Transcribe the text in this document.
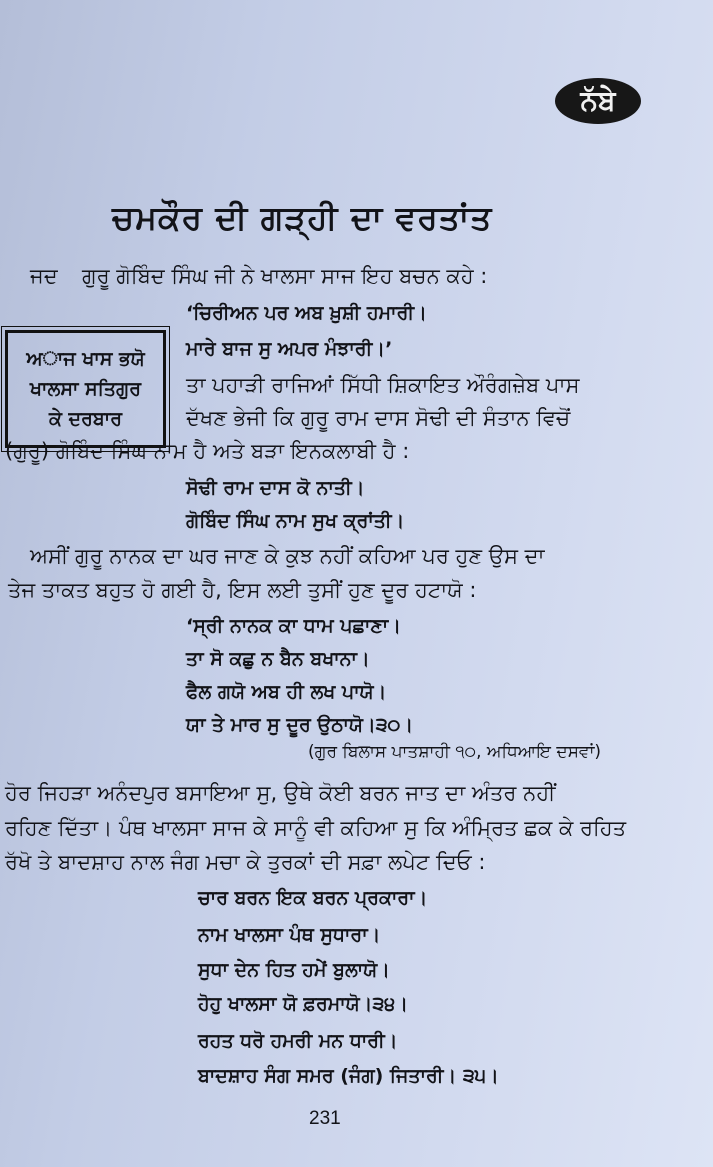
ਨੱਬੇ
ਚਮਕੌਰ ਦੀ ਗੜ੍ਹੀ ਦਾ ਵਰਤਾਂਤ
ਜਦ ਗੁਰੂ ਗੋਬਿੰਦ ਸਿੰਘ ਜੀ ਨੇ ਖਾਲਸਾ ਸਾਜ ਇਹ ਬਚਨ ਕਹੇ :
ਅਾਜ ਖਾਸ ਭਯੋ
ਖਾਲਸਾ ਸਤਿਗੁਰ
ਕੇ ਦਰਬਾਰ
‘ਚਿਰੀਅਨ ਪਰ ਅਬ ਖ਼ੁਸ਼ੀ ਹਮਾਰੀ।
ਮਾਰੇ ਬਾਜ ਸੁ ਅਪਰ ਮੰਝਾਰੀ।’
ਤਾ ਪਹਾੜੀ ਰਾਜਿਆਂ ਸਿੱਧੀ ਸ਼ਿਕਾਇਤ ਔਰੰਗਜ਼ੇਬ ਪਾਸ
ਦੱਖਣ ਭੇਜੀ ਕਿ ਗੁਰੂ ਰਾਮ ਦਾਸ ਸੋਢੀ ਦੀ ਸੰਤਾਨ ਵਿਚੋਂ
(ਗੁਰੂ) ਗੋਬਿੰਦ ਸਿੰਘ ਨਾਮ ਹੈ ਅਤੇ ਬੜਾ ਇਨਕਲਾਬੀ ਹੈ :
ਸੋਢੀ ਰਾਮ ਦਾਸ ਕੋ ਨਾਤੀ।
ਗੋਬਿੰਦ ਸਿੰਘ ਨਾਮ ਸੁਖ ਕ੍ਰਾਂਤੀ।
ਅਸੀਂ ਗੁਰੂ ਨਾਨਕ ਦਾ ਘਰ ਜਾਣ ਕੇ ਕੁਝ ਨਹੀਂ ਕਹਿਆ ਪਰ ਹੁਣ ਉਸ ਦਾ
ਤੇਜ ਤਾਕਤ ਬਹੁਤ ਹੋ ਗਈ ਹੈ, ਇਸ ਲਈ ਤੁਸੀਂ ਹੁਣ ਦੂਰ ਹਟਾਯੋ :
‘ਸ੍ਰੀ ਨਾਨਕ ਕਾ ਧਾਮ ਪਛਾਣਾ।
ਤਾ ਸੋ ਕਛੁ ਨ ਬੈਨ ਬਖਾਨਾ।
ਫੈਲ ਗਯੋ ਅਬ ਹੀ ਲਖ ਪਾਯੋ।
ਯਾ ਤੇ ਮਾਰ ਸੁ ਦੂਰ ਉਠਾਯੋ।੩੦।
(ਗੁਰ ਬਿਲਾਸ ਪਾਤਸ਼ਾਹੀ ੧੦, ਅਧਿਆਇ ਦਸਵਾਂ)
ਹੋਰ ਜਿਹੜਾ ਅਨੰਦਪੁਰ ਬਸਾਇਆ ਸੁ, ਉਥੇ ਕੋਈ ਬਰਨ ਜਾਤ ਦਾ ਅੰਤਰ ਨਹੀਂ
ਰਹਿਣ ਦਿੱਤਾ। ਪੰਥ ਖਾਲਸਾ ਸਾਜ ਕੇ ਸਾਨੂੰ ਵੀ ਕਹਿਆ ਸੁ ਕਿ ਅੰਮ੍ਰਿਤ ਛਕ ਕੇ ਰਹਿਤ
ਰੱਖੋ ਤੇ ਬਾਦਸ਼ਾਹ ਨਾਲ ਜੰਗ ਮਚਾ ਕੇ ਤੁਰਕਾਂ ਦੀ ਸਫ਼ਾ ਲਪੇਟ ਦਿਓ :
ਚਾਰ ਬਰਨ ਇਕ ਬਰਨ ਪ੍ਰਕਾਰਾ।
ਨਾਮ ਖਾਲਸਾ ਪੰਥ ਸੁਧਾਰਾ।
ਸੁਧਾ ਦੇਨ ਹਿਤ ਹਮੇਂ ਬੁਲਾਯੋ।
ਹੋਹੁ ਖਾਲਸਾ ਯੋ ਫ਼ਰਮਾਯੋ।੩੪।
ਰਹਤ ਧਰੋ ਹਮਰੀ ਮਨ ਧਾਰੀ।
ਬਾਦਸ਼ਾਹ ਸੰਗ ਸਮਰ (ਜੰਗ) ਜਿਤਾਰੀ। ੩੫।
231
